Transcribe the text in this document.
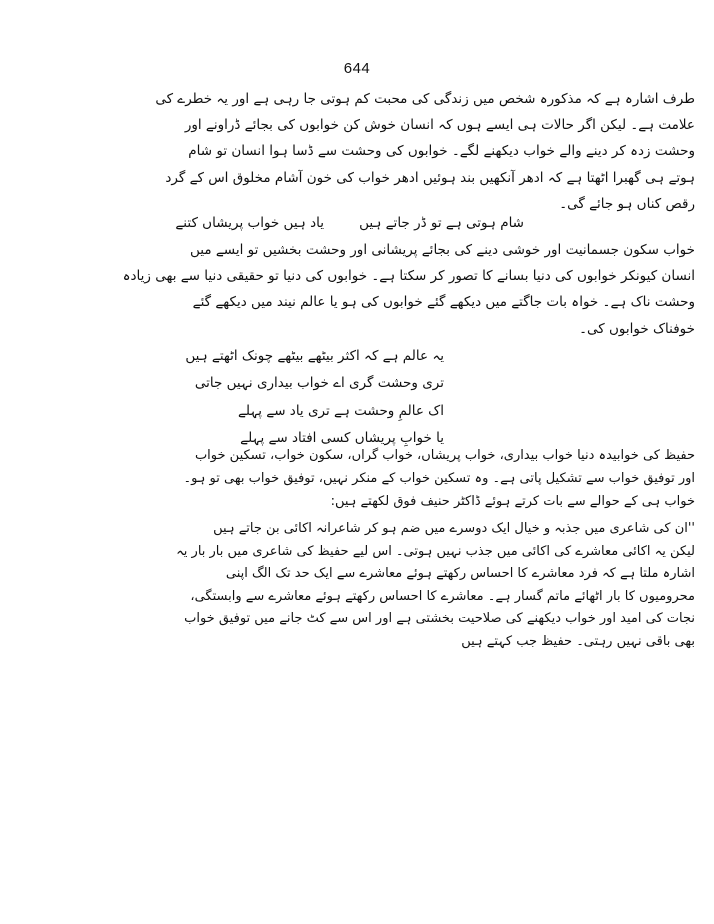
644
طرف اشارہ ہے کہ مذکورہ شخص میں زندگی کی محبت کم ہوتی جا رہی ہے اور یہ خطرے کی
علامت ہے۔ لیکن اگر حالات ہی ایسے ہوں کہ انسان خوش کن خوابوں کی بجائے ڈراونے اور
وحشت زدہ کر دینے والے خواب دیکھنے لگے۔ خوابوں کی وحشت سے ڈسا ہوا انسان تو شام
ہوتے ہی گھبرا اٹھتا ہے کہ ادھر آنکھیں بند ہوئیں ادھر خواب کی خون آشام مخلوق اس کے گرد
رقص کناں ہو جائے گی۔
یاد ہیں خواب پریشاں کتنے	شام ہوتی ہے تو ڈر جاتے ہیں
خواب سکون جسمانیت اور خوشی دینے کی بجائے پریشانی اور وحشت بخشیں تو ایسے میں
انسان کیونکر خوابوں کی دنیا بسانے کا تصور کر سکتا ہے۔ خوابوں کی دنیا تو حقیقی دنیا سے بھی زیادہ
وحشت ناک ہے۔ خواہ بات جاگتے میں دیکھے گئے خوابوں کی ہو یا عالم نیند میں دیکھے گئے
خوفناک خوابوں کی۔
یہ عالم ہے کہ اکثر بیٹھے بیٹھے چونک اٹھتے ہیں
تری وحشت گری اے خواب بیداری نہیں جاتی
اک عالمِ وحشت ہے تری یاد سے پہلے
یا خوابِ پریشاں کسی افتاد سے پہلے
حفیظ کی خوابیدہ دنیا خواب بیداری، خواب پریشاں، خواب گراں، سکون خواب، تسکین خواب
اور توفیق خواب سے تشکیل پاتی ہے۔ وہ تسکین خواب کے منکر نہیں، توفیق خواب بھی تو ہو۔
خواب ہی کے حوالے سے بات کرتے ہوئے ڈاکٹر حنیف فوق لکھتے ہیں:
''ان کی شاعری میں جذبہ و خیال ایک دوسرے میں ضم ہو کر شاعرانہ اکائی بن جاتے ہیں
لیکن یہ اکائی معاشرے کی اکائی میں جذب نہیں ہوتی۔ اس لیے حفیظ کی شاعری میں بار بار یہ
اشارہ ملتا ہے کہ فرد معاشرے کا احساس رکھتے ہوئے معاشرے سے ایک حد تک الگ اپنی
محرومیوں کا بار اٹھائے ماتم گسار ہے۔ معاشرے کا احساس رکھتے ہوئے معاشرے سے وابستگی،
نجات کی امید اور خواب دیکھنے کی صلاحیت بخشتی ہے اور اس سے کٹ جانے میں توفیق خواب
بھی باقی نہیں رہتی۔ حفیظ جب کہتے ہیں
